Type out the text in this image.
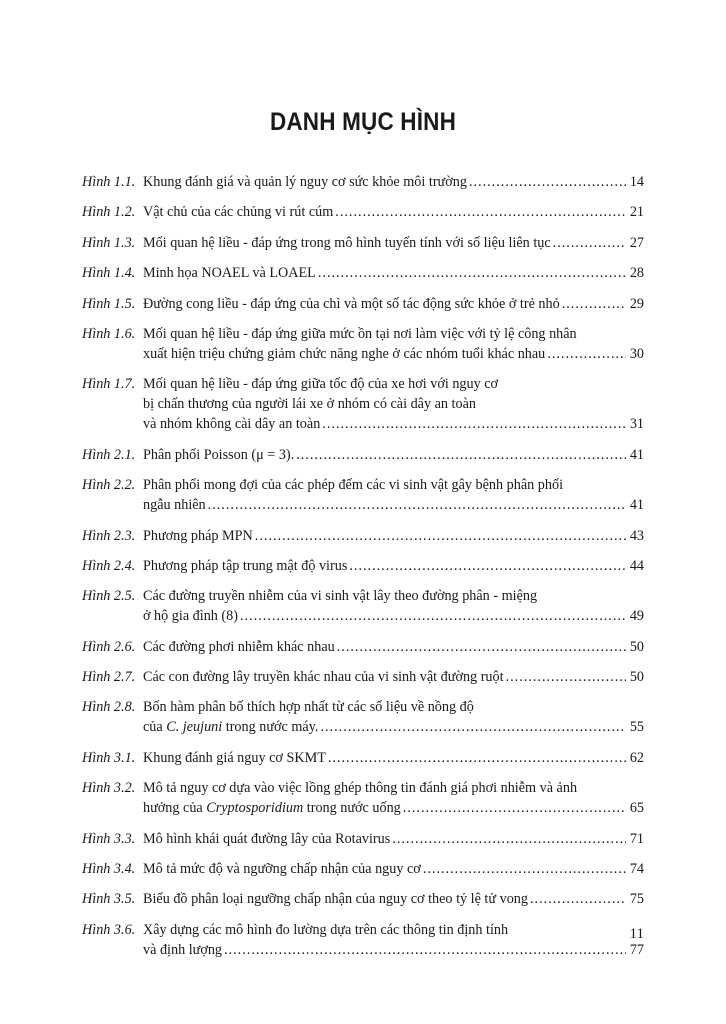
DANH MỤC HÌNH
Hình 1.1. Khung đánh giá và quản lý nguy cơ sức khỏe môi trường .....	14
Hình 1.2. Vật chủ của các chủng vi rút cúm .....	21
Hình 1.3. Mối quan hệ liều - đáp ứng trong mô hình tuyến tính với số liệu liên tục .....	27
Hình 1.4. Minh họa NOAEL và LOAEL .....	28
Hình 1.5. Đường cong liều - đáp ứng của chì và một số tác động sức khỏe ở trẻ nhỏ .....	29
Hình 1.6. Mối quan hệ liều - đáp ứng giữa mức ồn tại nơi làm việc với tỷ lệ công nhân
xuất hiện triệu chứng giảm chức năng nghe ở các nhóm tuổi khác nhau .....	30
Hình 1.7. Mối quan hệ liều - đáp ứng giữa tốc độ của xe hơi với nguy cơ
bị chấn thương của người lái xe ở nhóm có cài dây an toàn
và nhóm không cài dây an toàn .....	31
Hình 2.1. Phân phối Poisson (μ = 3). .....	41
Hình 2.2. Phân phối mong đợi của các phép đếm các vi sinh vật gây bệnh phân phối
ngẫu nhiên .....	41
Hình 2.3. Phương pháp MPN .....	43
Hình 2.4. Phương pháp tập trung mật độ virus .....	44
Hình 2.5. Các đường truyền nhiễm của vi sinh vật lây theo đường phân - miệng
ở hộ gia đình (8) .....	49
Hình 2.6. Các đường phơi nhiễm khác nhau .....	50
Hình 2.7. Các con đường lây truyền khác nhau của vi sinh vật đường ruột .....	50
Hình 2.8. Bốn hàm phân bố thích hợp nhất từ các số liệu về nồng độ
của C. jeujuni trong nước máy. .....	55
Hình 3.1. Khung đánh giá nguy cơ SKMT .....	62
Hình 3.2. Mô tả nguy cơ dựa vào việc lồng ghép thông tin đánh giá phơi nhiễm và ảnh
hưởng của Cryptosporidium trong nước uống .....	65
Hình 3.3. Mô hình khái quát đường lây của Rotavirus .....	71
Hình 3.4. Mô tả mức độ và ngưỡng chấp nhận của nguy cơ .....	74
Hình 3.5. Biểu đồ phân loại ngưỡng chấp nhận của nguy cơ theo tỷ lệ tử vong .....	75
Hình 3.6. Xây dựng các mô hình đo lường dựa trên các thông tin định tính
và định lượng .....	77
11
